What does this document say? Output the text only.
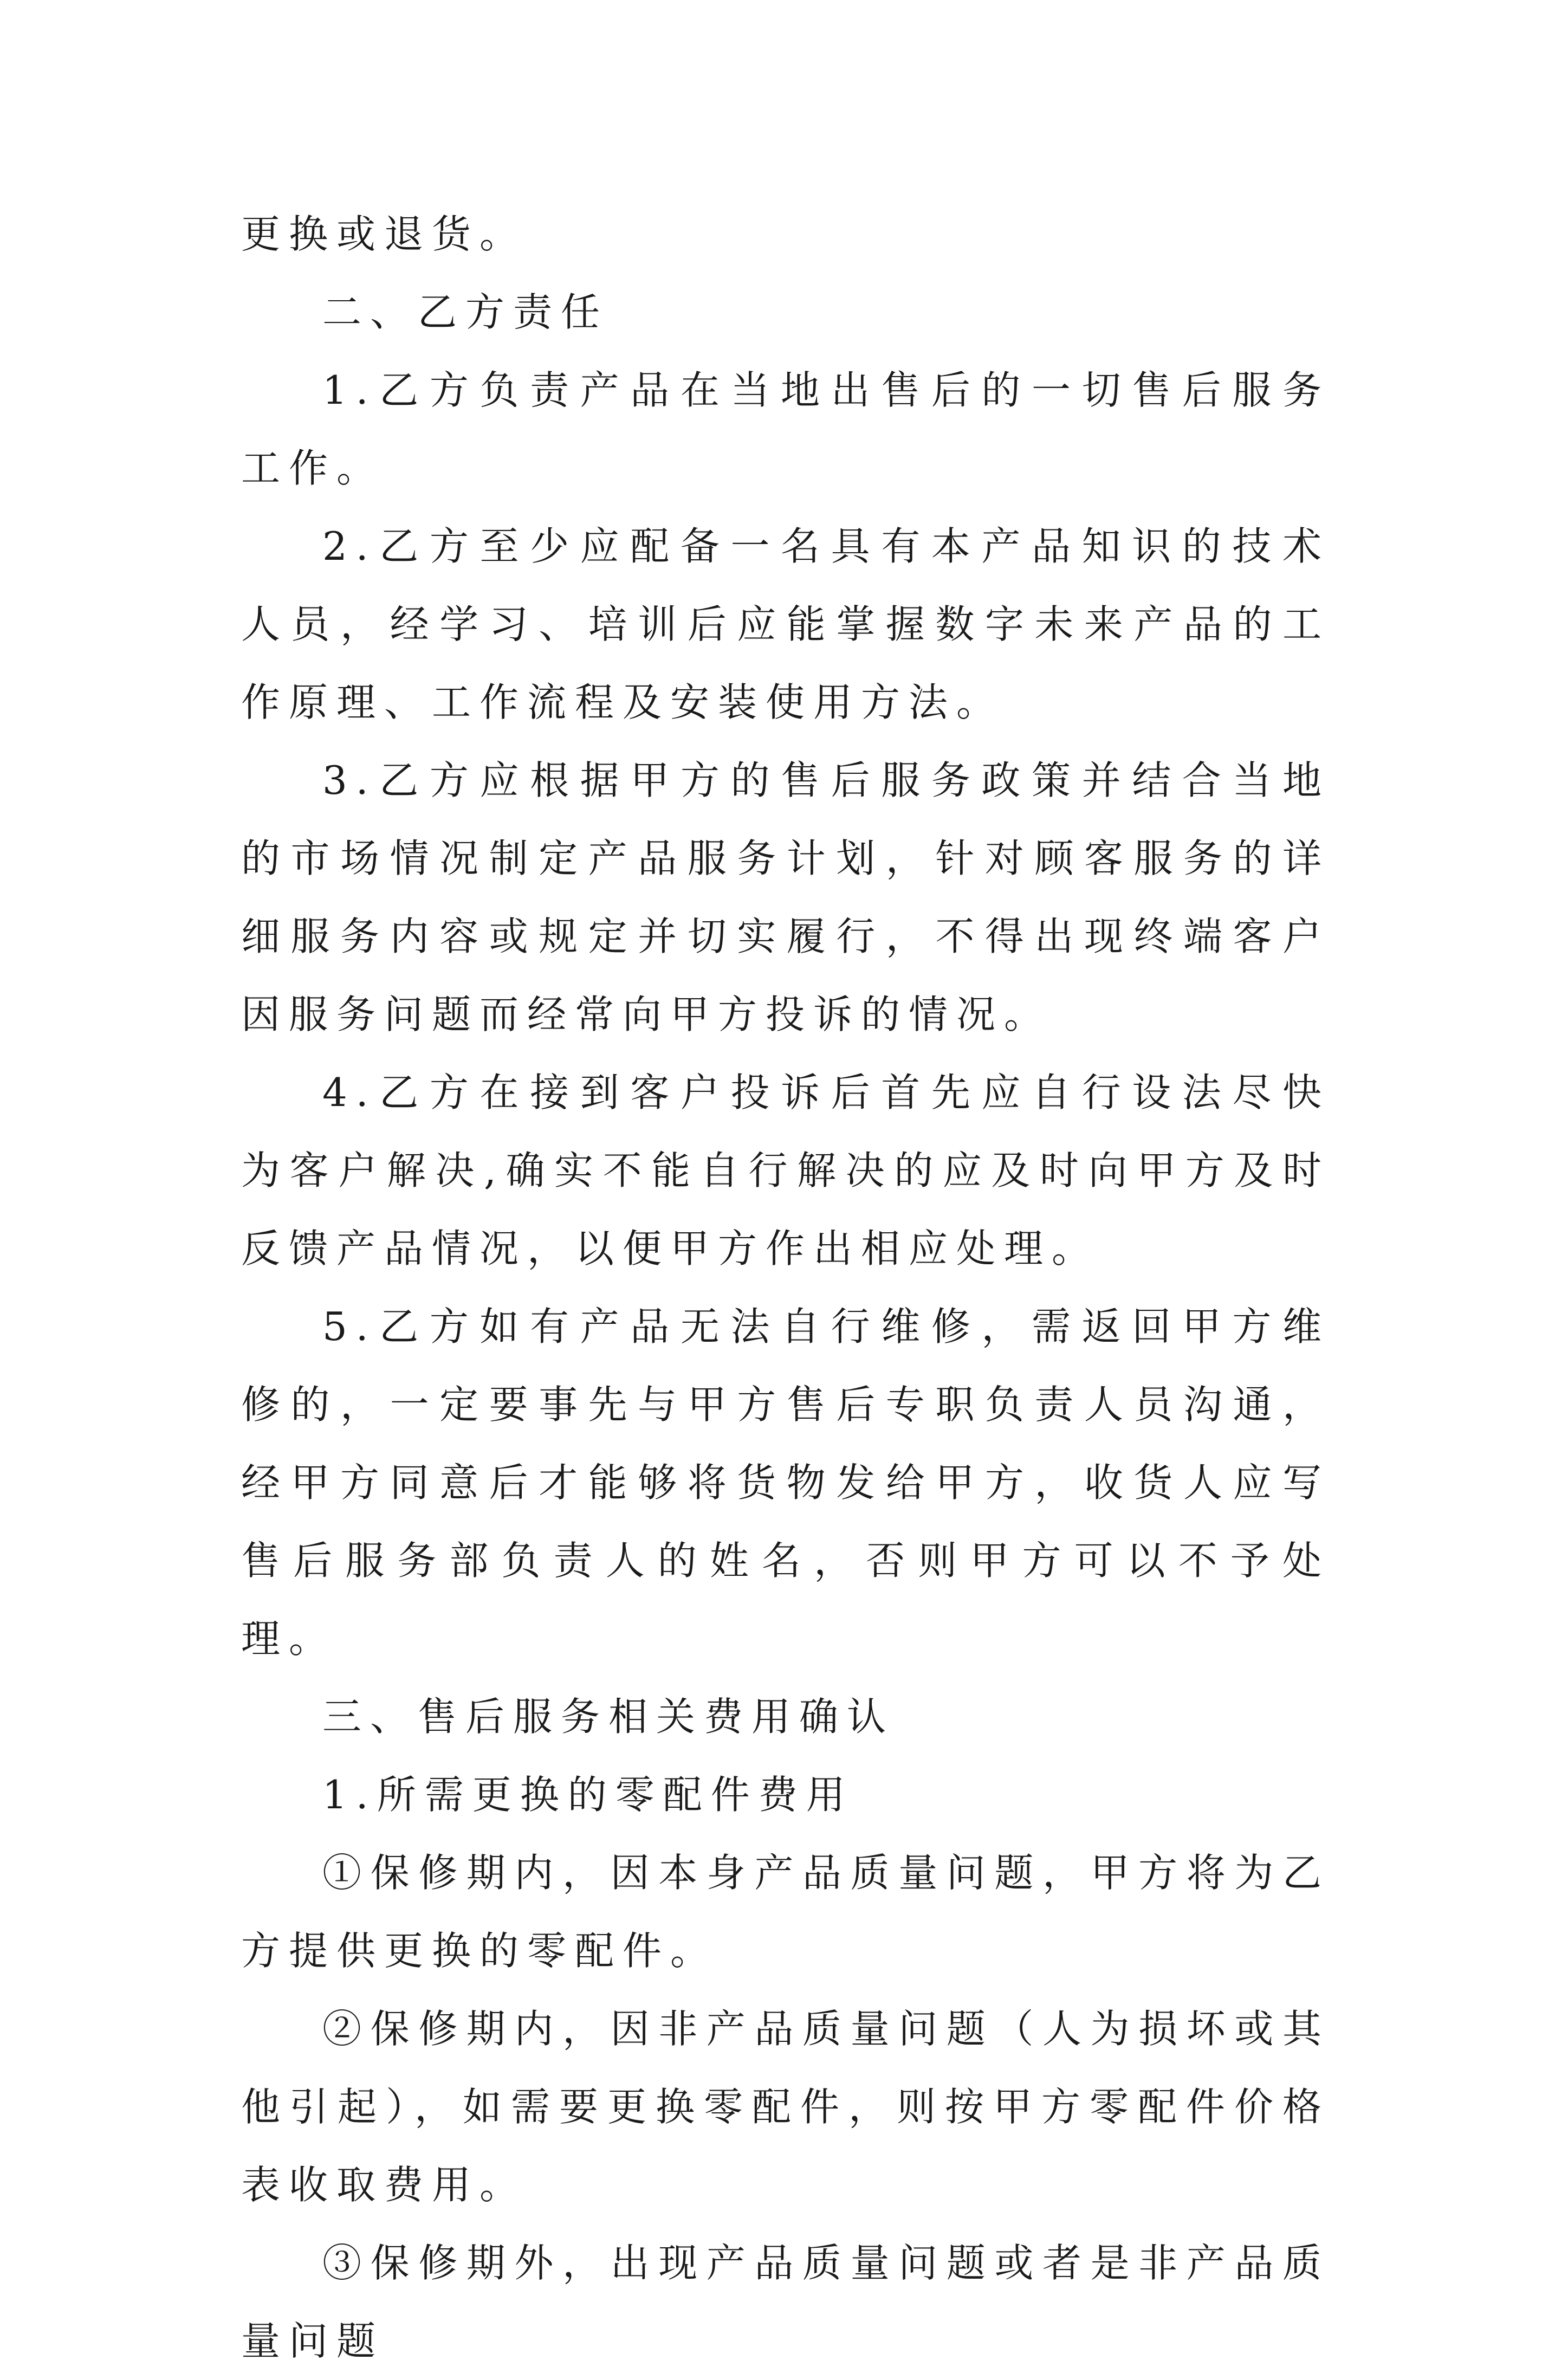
更换或退货。

二、乙方责任

1.乙方负责产品在当地出售后的一切售后服务工作。

2.乙方至少应配备一名具有本产品知识的技术人员，经学习、培训后应能掌握数字未来产品的工作原理、工作流程及安装使用方法。

3.乙方应根据甲方的售后服务政策并结合当地的市场情况制定产品服务计划，针对顾客服务的详细服务内容或规定并切实履行，不得出现终端客户因服务问题而经常向甲方投诉的情况。

4.乙方在接到客户投诉后首先应自行设法尽快为客户解决,确实不能自行解决的应及时向甲方及时反馈产品情况，以便甲方作出相应处理。

5.乙方如有产品无法自行维修，需返回甲方维修的，一定要事先与甲方售后专职负责人员沟通，经甲方同意后才能够将货物发给甲方，收货人应写售后服务部负责人的姓名，否则甲方可以不予处理。

三、售后服务相关费用确认

1.所需更换的零配件费用

①保修期内，因本身产品质量问题，甲方将为乙方提供更换的零配件。

②保修期内，因非产品质量问题（人为损坏或其他引起），如需要更换零配件，则按甲方零配件价格表收取费用。

③保修期外，出现产品质量问题或者是非产品质量问题
